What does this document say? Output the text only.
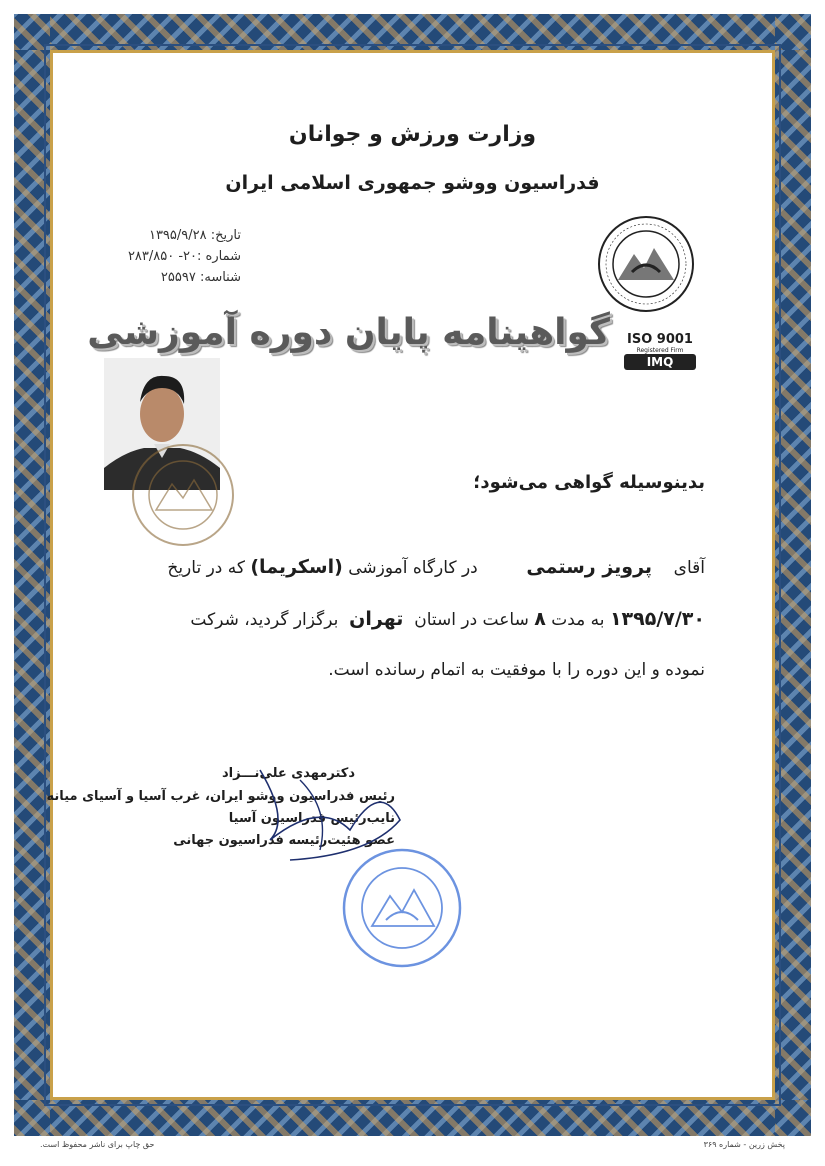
وزارت ورزش و جوانان
فدراسیون ووشو جمهوری اسلامی ایران
تاریخ: ۱۳۹۵/۹/۲۸
شماره :۲۰- ۲۸۳/۸۵۰
شناسه: ۲۵۵۹۷
ISO 9001
Registered Firm
IMQ
گواهینامه پایان دوره آموزشی
بدینوسیله گواهی می‌شود؛
آقای    پرویز رستمی         در کارگاه آموزشی (اسکریما) که در تاریخ
۱۳۹۵/۷/۳۰ به مدت ۸ ساعت در استان  تهران  برگزار گردید، شرکت
نموده و این دوره را با موفقیت به اتمام رسانده است.
دکترمهدی علی‌نـــزاد
رئیس فدراسیون ووشو ایران، غرب آسیا و آسیای میانه
نایب‌رئیس فدراسیون آسیا
عضو هئیت‌رئیسه فدراسیون جهانی
حق چاپ برای ناشر محفوظ است.	پخش زرین - شماره ۳۶۹
